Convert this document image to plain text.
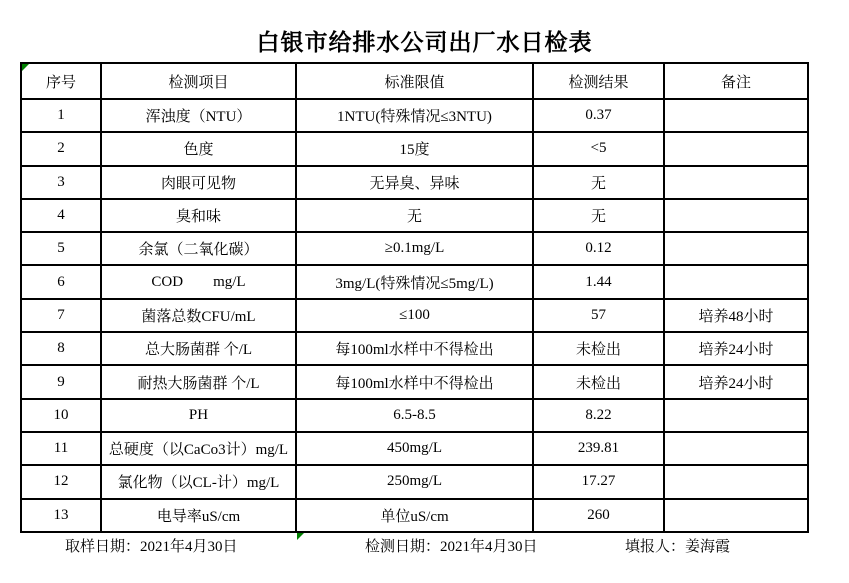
白银市给排水公司出厂水日检表
序号	检测项目	标准限值	检测结果	备注
1	浑浊度（NTU）	1NTU(特殊情况≤3NTU)	0.37	
2	色度	15度	<5	
3	肉眼可见物	无异臭、异味	无	
4	臭和味	无	无	
5	余氯（二氧化碳）	≥0.1mg/L	0.12	
6	COD        mg/L	3mg/L(特殊情况≤5mg/L)	1.44	
7	菌落总数CFU/mL	≤100	57	培养48小时
8	总大肠菌群 个/L	每100ml水样中不得检出	未检出	培养24小时
9	耐热大肠菌群 个/L	每100ml水样中不得检出	未检出	培养24小时
10	PH	6.5-8.5	8.22	
11	总硬度（以CaCo3计）mg/L	450mg/L	239.81	
12	氯化物（以CL-计）mg/L	250mg/L	17.27	
13	电导率uS/cm	单位uS/cm	260	
取样日期：2021年4月30日	检测日期：2021年4月30日	填报人：姜海霞
